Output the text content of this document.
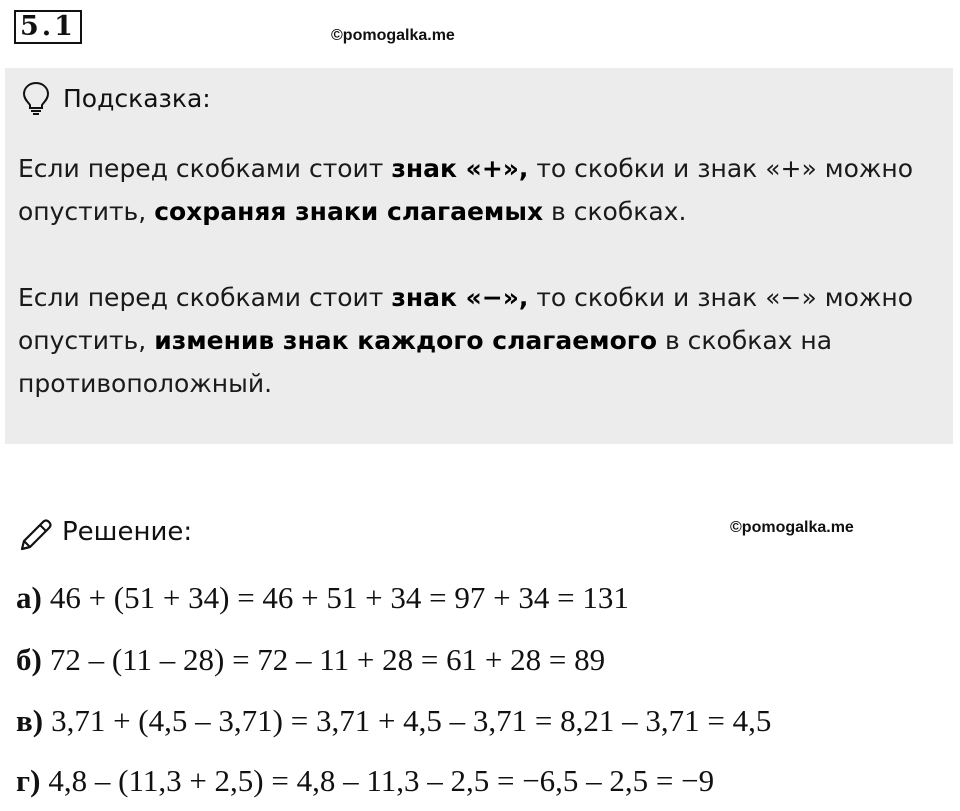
5.1	©pomogalka.me
Подсказка:
Если перед скобками стоит знак «+», то скобки и знак «+» можно опустить, сохраняя знаки слагаемых в скобках.
Если перед скобками стоит знак «−», то скобки и знак «−» можно опустить, изменив знак каждого слагаемого в скобках на противоположный.
Решение:	©pomogalka.me
а) 46 + (51 + 34) = 46 + 51 + 34 = 97 + 34 = 131
б) 72 – (11 – 28) = 72 – 11 + 28 = 61 + 28 = 89
в) 3,71 + (4,5 – 3,71) = 3,71 + 4,5 – 3,71 = 8,21 – 3,71 = 4,5
г) 4,8 – (11,3 + 2,5) = 4,8 – 11,3 – 2,5 = −6,5 – 2,5 = −9
